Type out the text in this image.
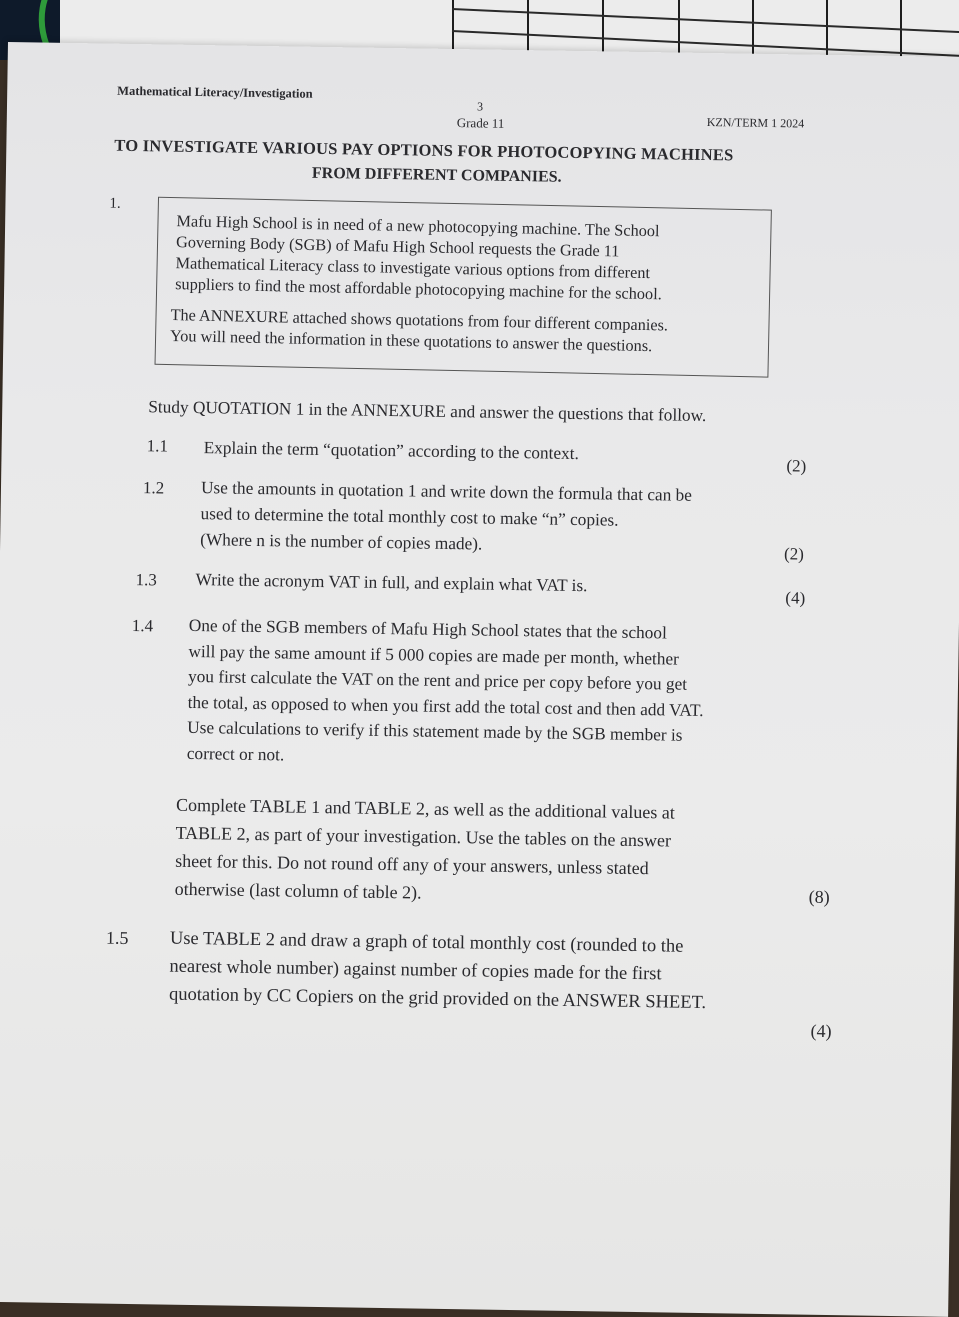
Mathematical Literacy/Investigation
3
Grade 11	KZN/TERM 1 2024
TO INVESTIGATE VARIOUS PAY OPTIONS FOR PHOTOCOPYING MACHINES
FROM DIFFERENT COMPANIES.
1.

Mafu High School is in need of a new photocopying machine. The School

Governing Body (SGB) of Mafu High School requests the Grade 11

Mathematical Literacy class to investigate various options from different

suppliers to find the most affordable photocopying machine for the school.

The ANNEXURE attached shows quotations from four different companies.

You will need the information in these quotations to answer the questions.

Study QUOTATION 1 in the ANNEXURE and answer the questions that follow.
1.1 Explain the term “quotation” according to the context.
(2)
1.2 Use the amounts in quotation 1 and write down the formula that can be
used to determine the total monthly cost to make “n” copies.
(Where n is the number of copies made).
(2)
1.3 Write the acronym VAT in full, and explain what VAT is.
(4)
1.4 One of the SGB members of Mafu High School states that the school
will pay the same amount if 5 000 copies are made per month, whether
you first calculate the VAT on the rent and price per copy before you get
the total, as opposed to when you first add the total cost and then add VAT.
Use calculations to verify if this statement made by the SGB member is
correct or not.
Complete TABLE 1 and TABLE 2, as well as the additional values at
TABLE 2, as part of your investigation. Use the tables on the answer
sheet for this. Do not round off any of your answers, unless stated
otherwise (last column of table 2).	(8)
1.5 Use TABLE 2 and draw a graph of total monthly cost (rounded to the
nearest whole number) against number of copies made for the first
quotation by CC Copiers on the grid provided on the ANSWER SHEET.
(4)
